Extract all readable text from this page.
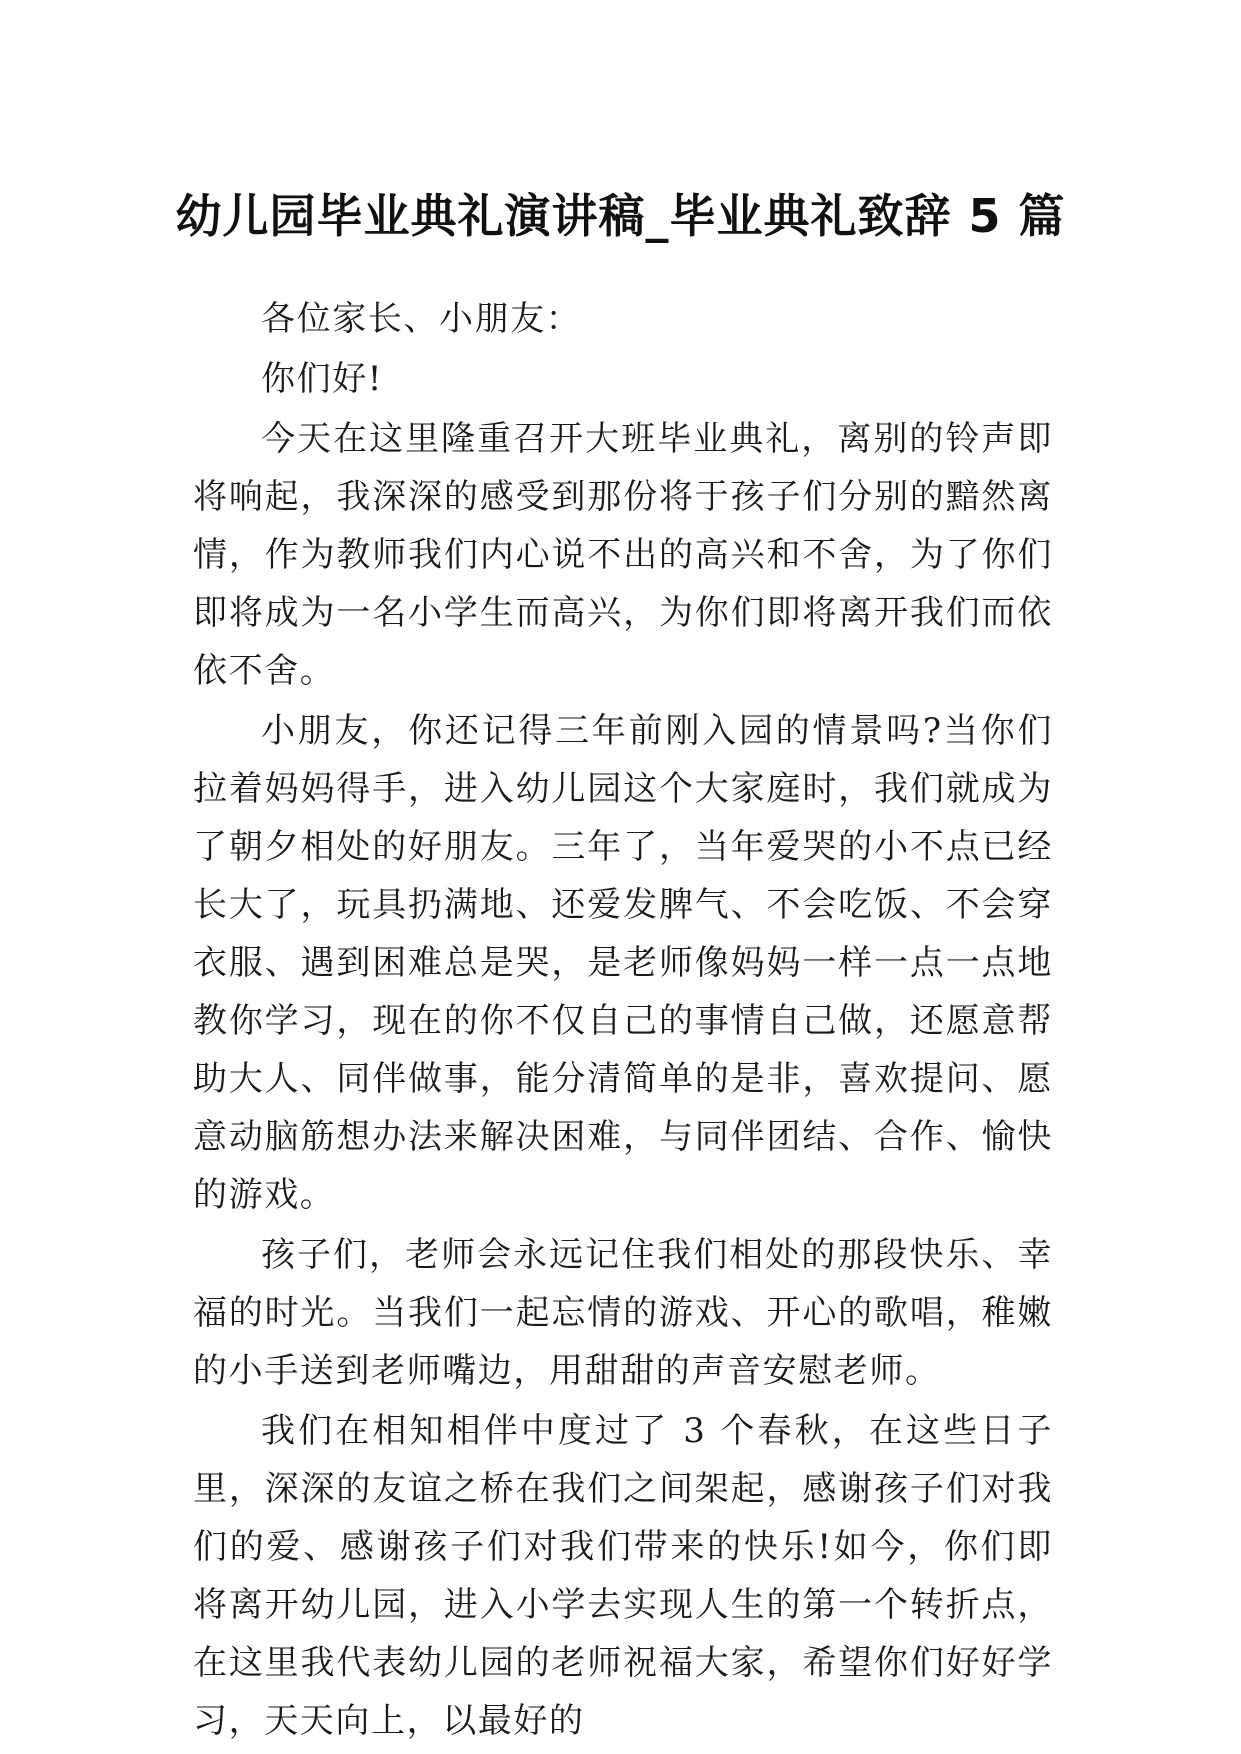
幼儿园毕业典礼演讲稿_毕业典礼致辞 5 篇

各位家长、小朋友：

你们好!

今天在这里隆重召开大班毕业典礼，离别的铃声即将响起，我深深的感受到那份将于孩子们分别的黯然离情，作为教师我们内心说不出的高兴和不舍，为了你们即将成为一名小学生而高兴，为你们即将离开我们而依依不舍。

小朋友，你还记得三年前刚入园的情景吗?当你们拉着妈妈得手，进入幼儿园这个大家庭时，我们就成为了朝夕相处的好朋友。三年了，当年爱哭的小不点已经长大了，玩具扔满地、还爱发脾气、不会吃饭、不会穿衣服、遇到困难总是哭，是老师像妈妈一样一点一点地教你学习，现在的你不仅自己的事情自己做，还愿意帮助大人、同伴做事，能分清简单的是非，喜欢提问、愿意动脑筋想办法来解决困难，与同伴团结、合作、愉快的游戏。

孩子们，老师会永远记住我们相处的那段快乐、幸福的时光。当我们一起忘情的游戏、开心的歌唱，稚嫩的小手送到老师嘴边，用甜甜的声音安慰老师。

我们在相知相伴中度过了 3 个春秋，在这些日子里，深深的友谊之桥在我们之间架起，感谢孩子们对我们的爱、感谢孩子们对我们带来的快乐!如今，你们即将离开幼儿园，进入小学去实现人生的第一个转折点，在这里我代表幼儿园的老师祝福大家，希望你们好好学习，天天向上，以最好的
